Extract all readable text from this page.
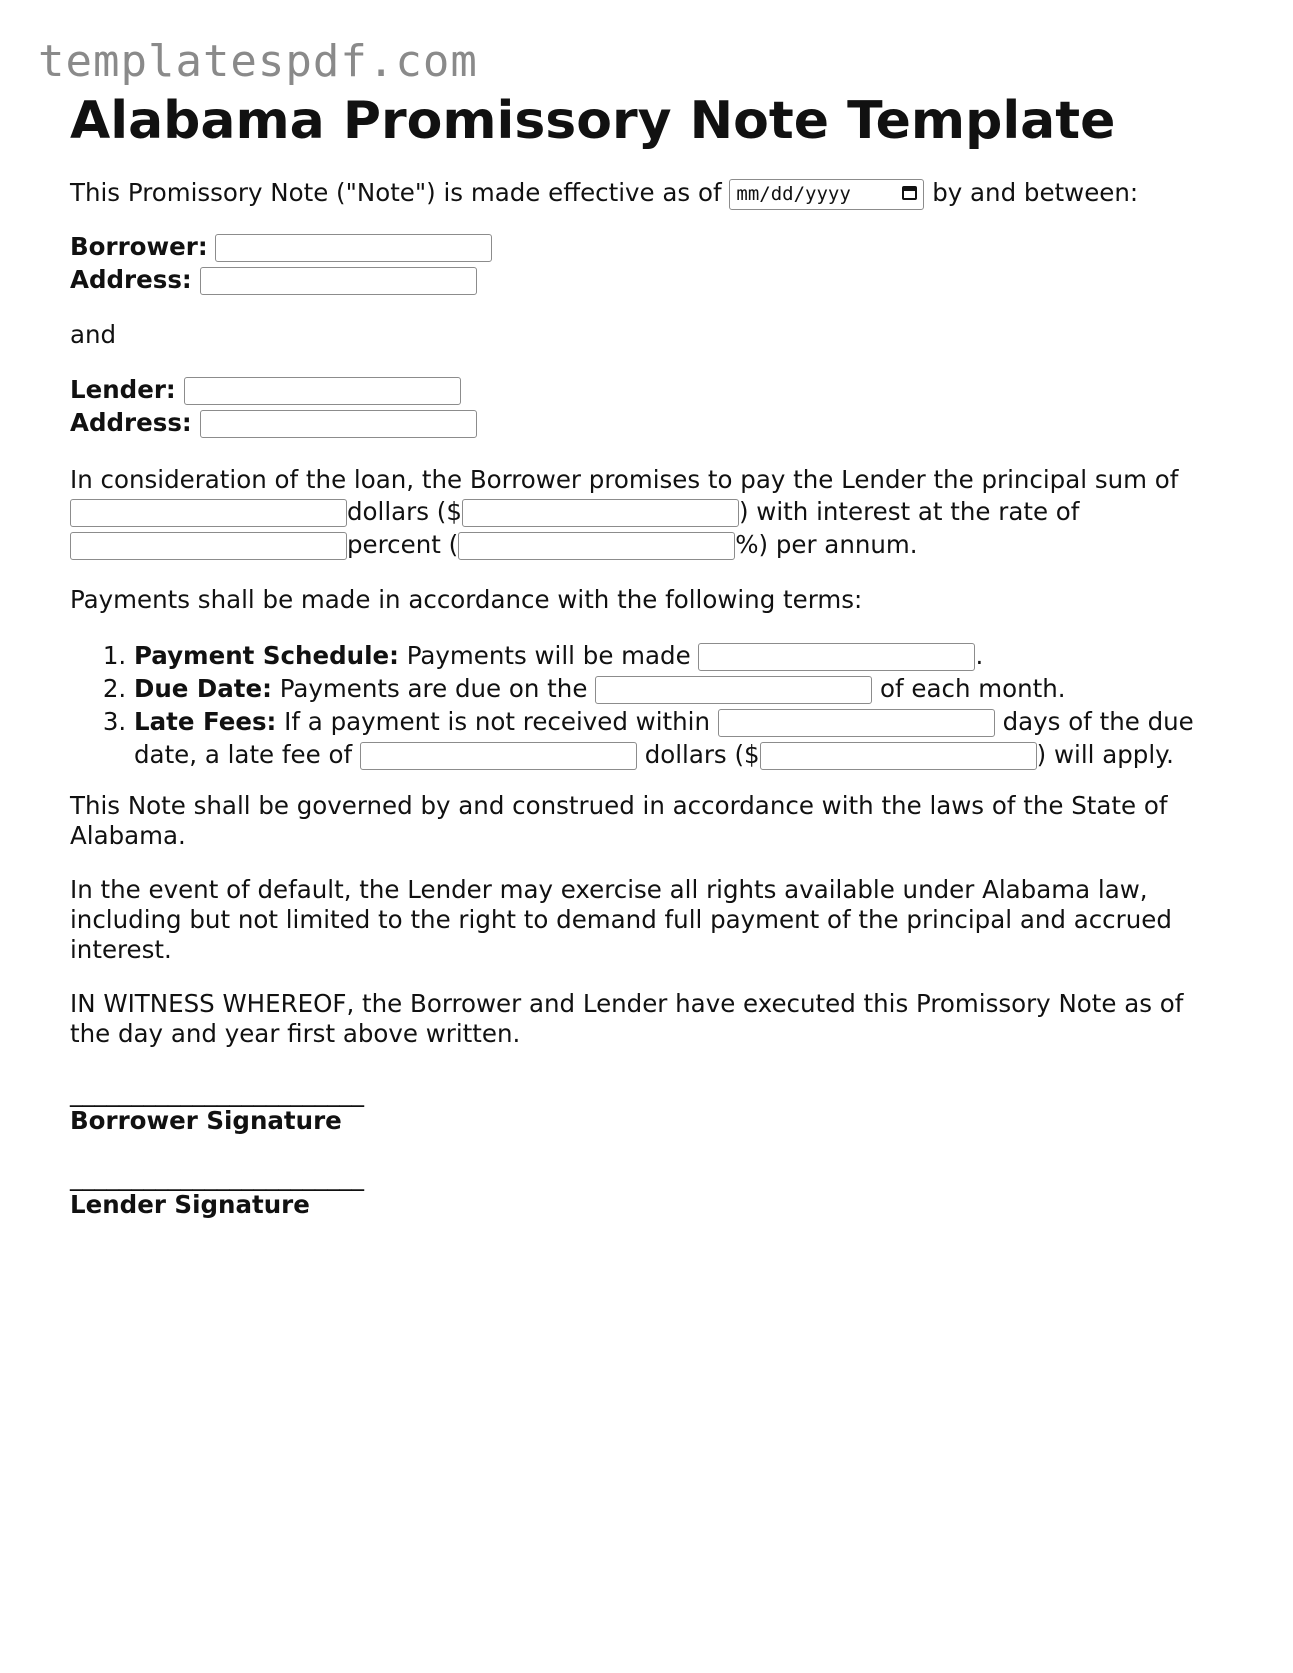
templatespdf.com
Alabama Promissory Note Template

This Promissory Note ("Note") is made effective as of mm/dd/yyyy	by and between:

Borrower:
Address:

and

Lender:
Address:
In consideration of the loan, the Borrower promises to pay the Lender the principal sum of
dollars ($	) with interest at the rate of
percent (	%) per annum.

Payments shall be made in accordance with the following terms:

1. Payment Schedule: Payments will be made	.
2. Due Date: Payments are due on the	of each month.
3. Late Fees: If a payment is not received within	days of the due date, a late fee of	dollars ($	) will apply.

This Note shall be governed by and construed in accordance with the laws of the State of Alabama.

In the event of default, the Lender may exercise all rights available under Alabama law, including but not limited to the right to demand full payment of the principal and accrued interest.

IN WITNESS WHEREOF, the Borrower and Lender have executed this Promissory Note as of the day and year first above written.

________________________
Borrower Signature
________________________
Lender Signature
